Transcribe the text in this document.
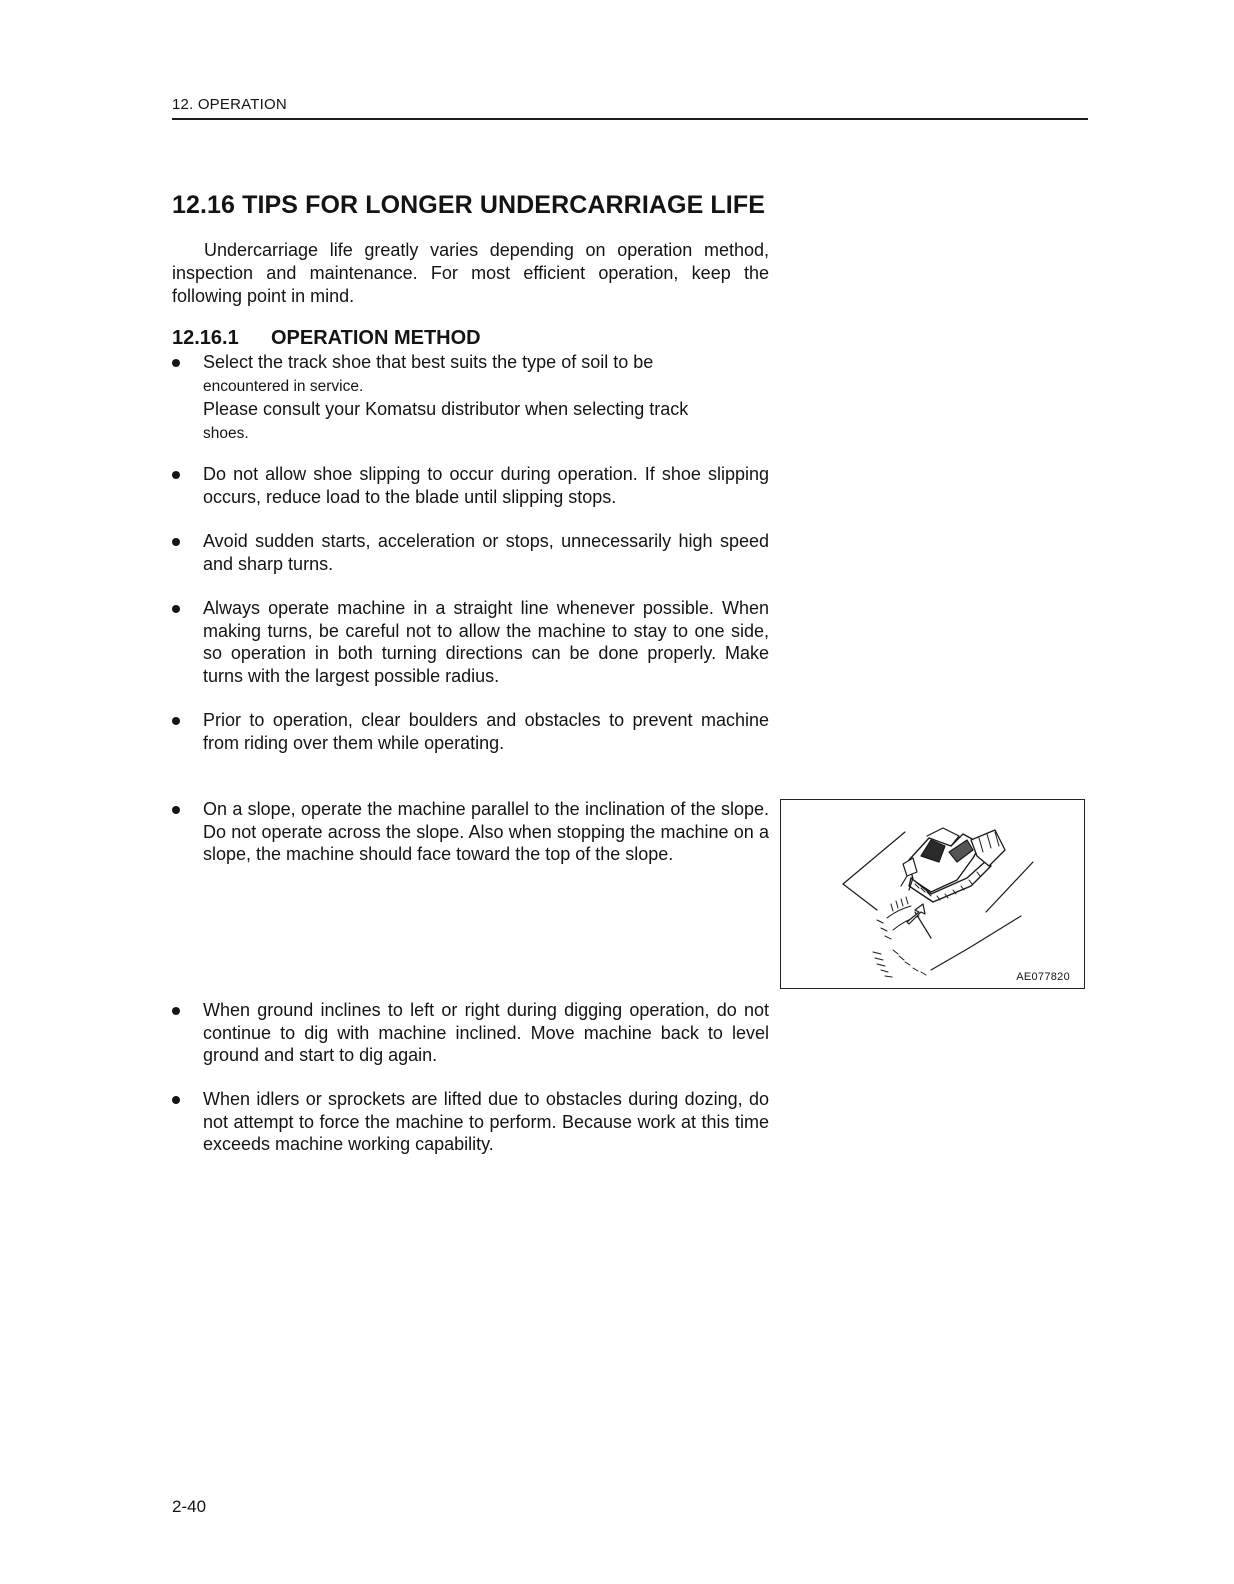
12. OPERATION
12.16 TIPS FOR LONGER UNDERCARRIAGE LIFE

Undercarriage life greatly varies depending on operation method, inspection and maintenance. For most efficient operation, keep the following point in mind.

12.16.1 OPERATION METHOD

Select the track shoe that best suits the type of soil to be
encountered in service.
Please consult your Komatsu distributor when selecting track
shoes.

Do not allow shoe slipping to occur during operation. If shoe slipping occurs, reduce load to the blade until slipping stops.

Avoid sudden starts, acceleration or stops, unnecessarily high speed and sharp turns.

Always operate machine in a straight line whenever possible. When making turns, be careful not to allow the machine to stay to one side, so operation in both turning directions can be done properly. Make turns with the largest possible radius.

Prior to operation, clear boulders and obstacles to prevent machine from riding over them while operating.

On a slope, operate the machine parallel to the inclination of the slope. Do not operate across the slope. Also when stopping the machine on a slope, the machine should face toward the top of the slope.

When ground inclines to left or right during digging operation, do not continue to dig with machine inclined. Move machine back to level ground and start to dig again.

When idlers or sprockets are lifted due to obstacles during dozing, do not attempt to force the machine to perform. Because work at this time exceeds machine working capability.

AE077820
2-40
